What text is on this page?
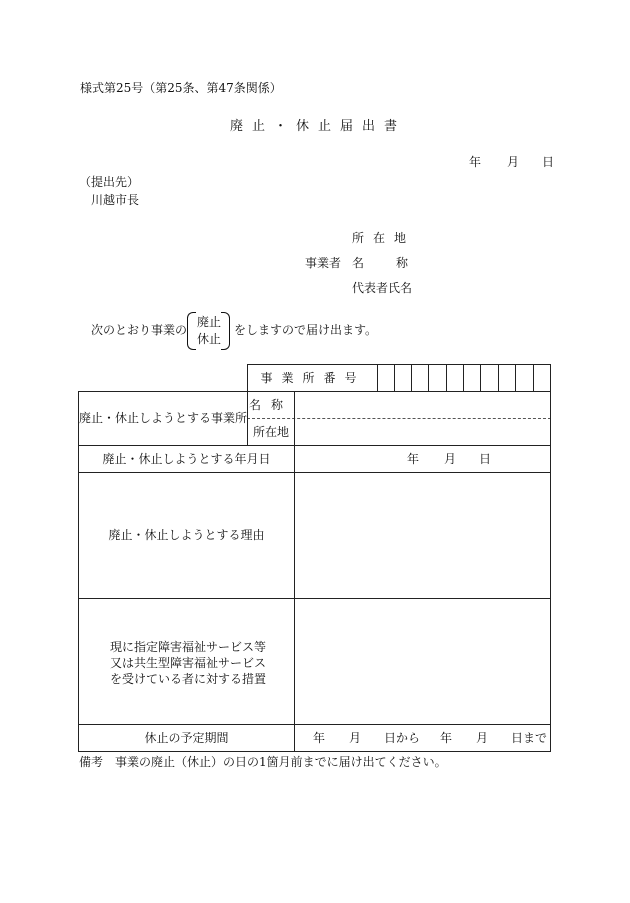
様式第25号（第25条、第47条関係）
廃止・休止届出書
年 月 日
（提出先）
川越市長
所在地
事業者 名称
代表者氏名
次のとおり事業の
廃止
休止
をしますので届け出ます。
事業所番号
廃止・休止しようとする事業所
名称
所在地
廃止・休止しようとする年月日	年 月 日
廃止・休止しようとする理由
現に指定障害福祉サービス等
又は共生型障害福祉サービス
を受けている者に対する措置
休止の予定期間	年 月 日から 年 月 日まで
備考　事業の廃止（休止）の日の1箇月前までに届け出てください。
